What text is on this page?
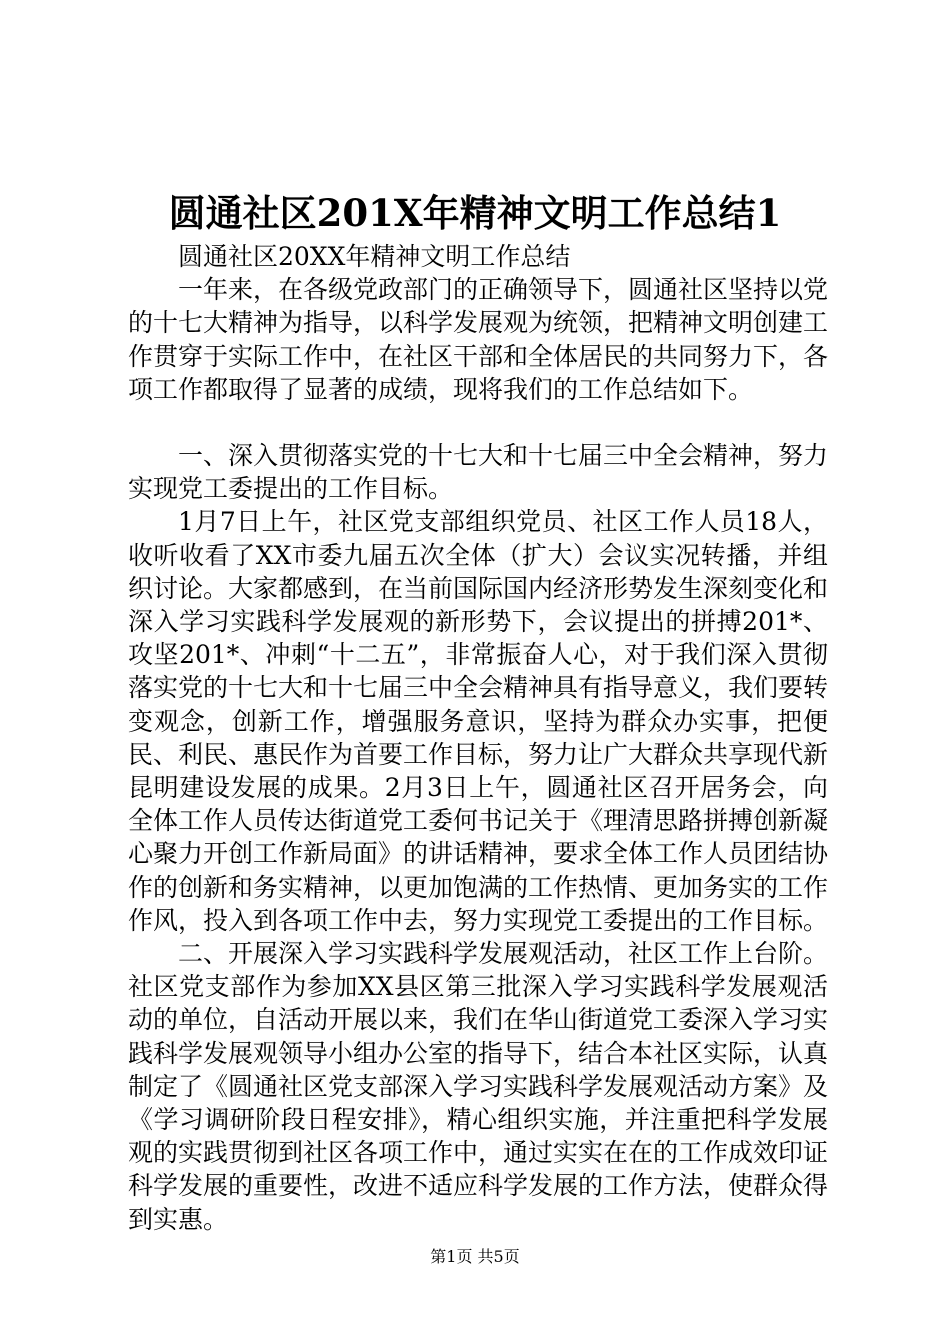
圆通社区201X年精神文明工作总结1

圆通社区20XX年精神文明工作总结

一年来，在各级党政部门的正确领导下，圆通社区坚持以党的十七大精神为指导，以科学发展观为统领，把精神文明创建工作贯穿于实际工作中，在社区干部和全体居民的共同努力下，各项工作都取得了显著的成绩，现将我们的工作总结如下。

一、深入贯彻落实党的十七大和十七届三中全会精神，努力实现党工委提出的工作目标。

1月7日上午，社区党支部组织党员、社区工作人员18人，收听收看了XX市委九届五次全体（扩大）会议实况转播，并组织讨论。大家都感到，在当前国际国内经济形势发生深刻变化和深入学习实践科学发展观的新形势下，会议提出的拼搏201*、攻坚201*、冲刺“十二五”，非常振奋人心，对于我们深入贯彻落实党的十七大和十七届三中全会精神具有指导意义，我们要转变观念，创新工作，增强服务意识，坚持为群众办实事，把便民、利民、惠民作为首要工作目标，努力让广大群众共享现代新昆明建设发展的成果。2月3日上午，圆通社区召开居务会，向全体工作人员传达街道党工委何书记关于《理清思路拼搏创新凝心聚力开创工作新局面》的讲话精神，要求全体工作人员团结协作的创新和务实精神，以更加饱满的工作热情、更加务实的工作作风，投入到各项工作中去，努力实现党工委提出的工作目标。

二、开展深入学习实践科学发展观活动，社区工作上台阶。社区党支部作为参加XX县区第三批深入学习实践科学发展观活动的单位，自活动开展以来，我们在华山街道党工委深入学习实践科学发展观领导小组办公室的指导下，结合本社区实际，认真制定了《圆通社区党支部深入学习实践科学发展观活动方案》及《学习调研阶段日程安排》，精心组织实施，并注重把科学发展观的实践贯彻到社区各项工作中，通过实实在在的工作成效印证科学发展的重要性，改进不适应科学发展的工作方法，使群众得到实惠。

第1页 共5页
